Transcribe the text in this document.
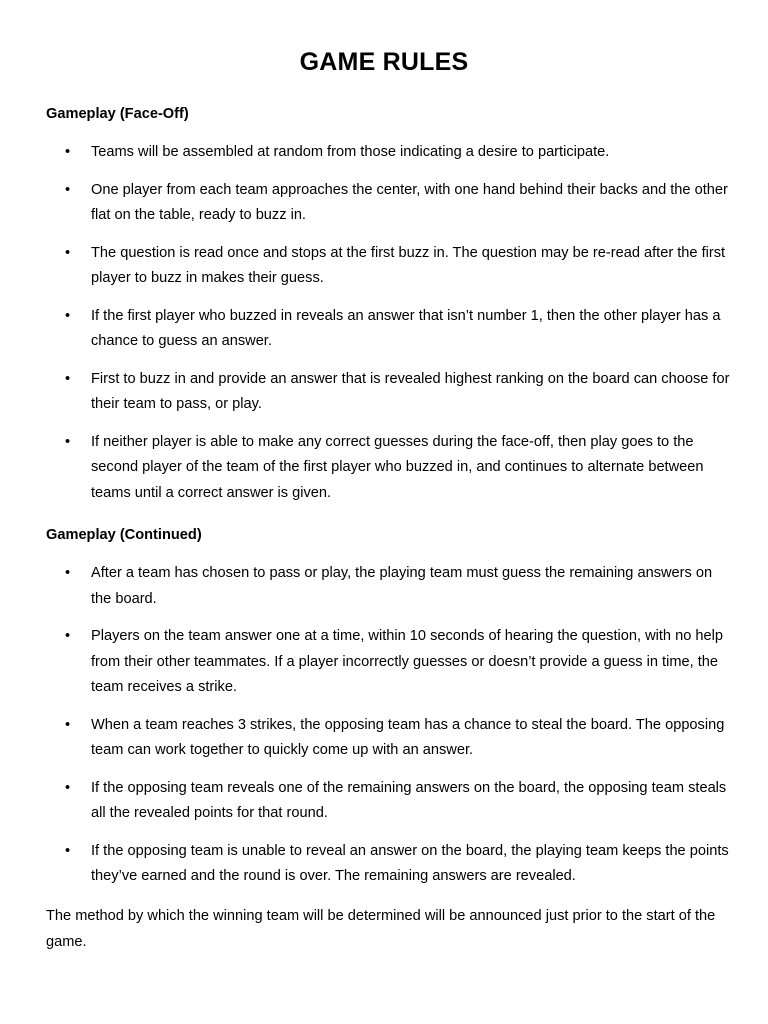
GAME RULES
Gameplay (Face-Off)
• Teams will be assembled at random from those indicating a desire to participate.
• One player from each team approaches the center, with one hand behind their backs and the other flat on the table, ready to buzz in.
• The question is read once and stops at the first buzz in. The question may be re-read after the first player to buzz in makes their guess.
• If the first player who buzzed in reveals an answer that isn’t number 1, then the other player has a chance to guess an answer.
• First to buzz in and provide an answer that is revealed highest ranking on the board can choose for their team to pass, or play.
• If neither player is able to make any correct guesses during the face-off, then play goes to the second player of the team of the first player who buzzed in, and continues to alternate between teams until a correct answer is given.
Gameplay (Continued)
• After a team has chosen to pass or play, the playing team must guess the remaining answers on the board.
• Players on the team answer one at a time, within 10 seconds of hearing the question, with no help from their other teammates. If a player incorrectly guesses or doesn’t provide a guess in time, the team receives a strike.
• When a team reaches 3 strikes, the opposing team has a chance to steal the board. The opposing team can work together to quickly come up with an answer.
• If the opposing team reveals one of the remaining answers on the board, the opposing team steals all the revealed points for that round.
• If the opposing team is unable to reveal an answer on the board, the playing team keeps the points they’ve earned and the round is over. The remaining answers are revealed.
The method by which the winning team will be determined will be announced just prior to the start of the game.
